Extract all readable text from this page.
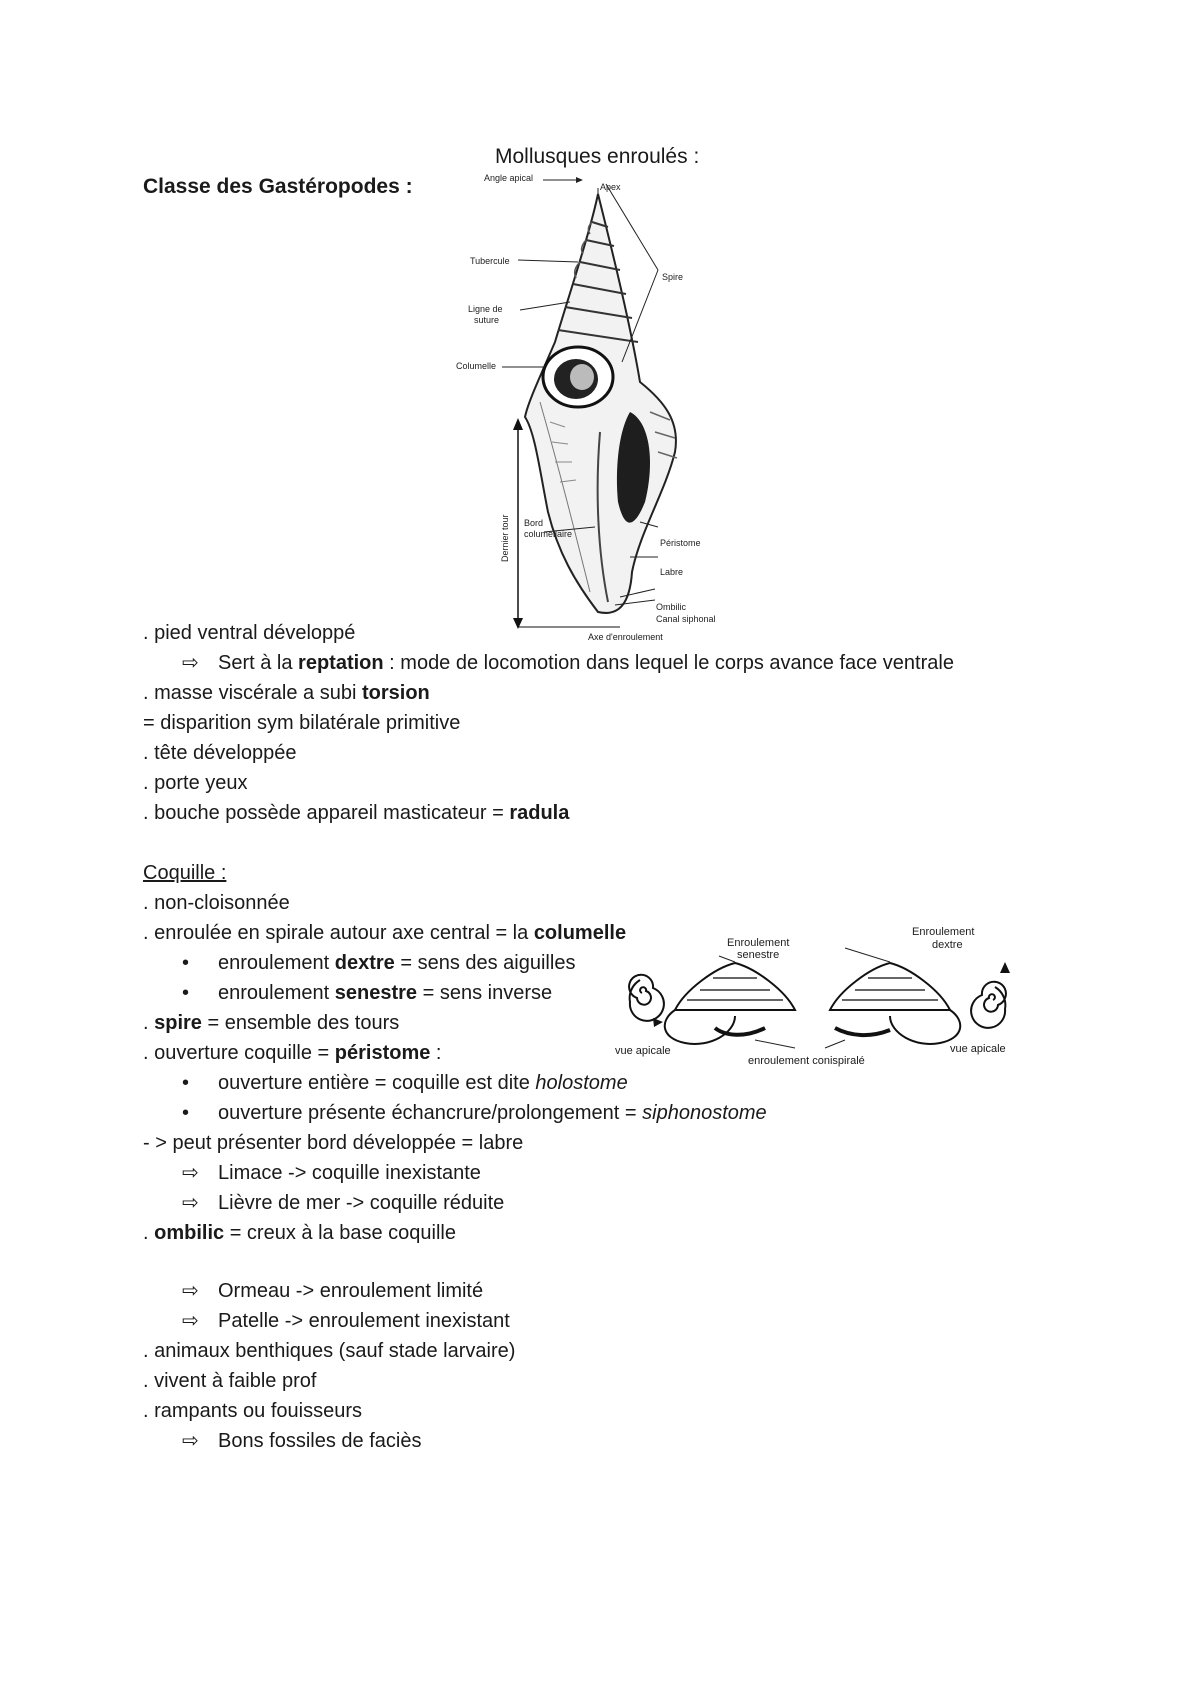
Classe des Gastéropodes :
Mollusques enroulés :
Angle apical
Apex
Tubercule
Spire
Ligne de
suture
Columelle
Dernier tour Bord
columellaire
Péristome
Labre
Ombilic
Canal siphonal
Axe d'enroulement
. pied ventral développé
⇨ Sert à la reptation : mode de locomotion dans lequel le corps avance face ventrale
. masse viscérale a subi torsion
= disparition sym bilatérale primitive
. tête développée
. porte yeux
. bouche possède appareil masticateur = radula
Coquille :
. non-cloisonnée
. enroulée en spirale autour axe central = la columelle
• enroulement dextre = sens des aiguilles
• enroulement senestre = sens inverse
. spire = ensemble des tours
. ouverture coquille = péristome :
• ouverture entière = coquille est dite holostome
• ouverture présente échancrure/prolongement = siphonostome
- > peut présenter bord développée = labre
⇨ Limace -> coquille inexistante
⇨ Lièvre de mer -> coquille réduite
. ombilic = creux à la base coquille
⇨ Ormeau -> enroulement limité
⇨ Patelle -> enroulement inexistant
. animaux benthiques (sauf stade larvaire)
. vivent à faible prof
. rampants ou fouisseurs
⇨ Bons fossiles de faciès
Enroulement
senestre
Enroulement
dextre
vue apicale	vue apicale
enroulement conispiralé
